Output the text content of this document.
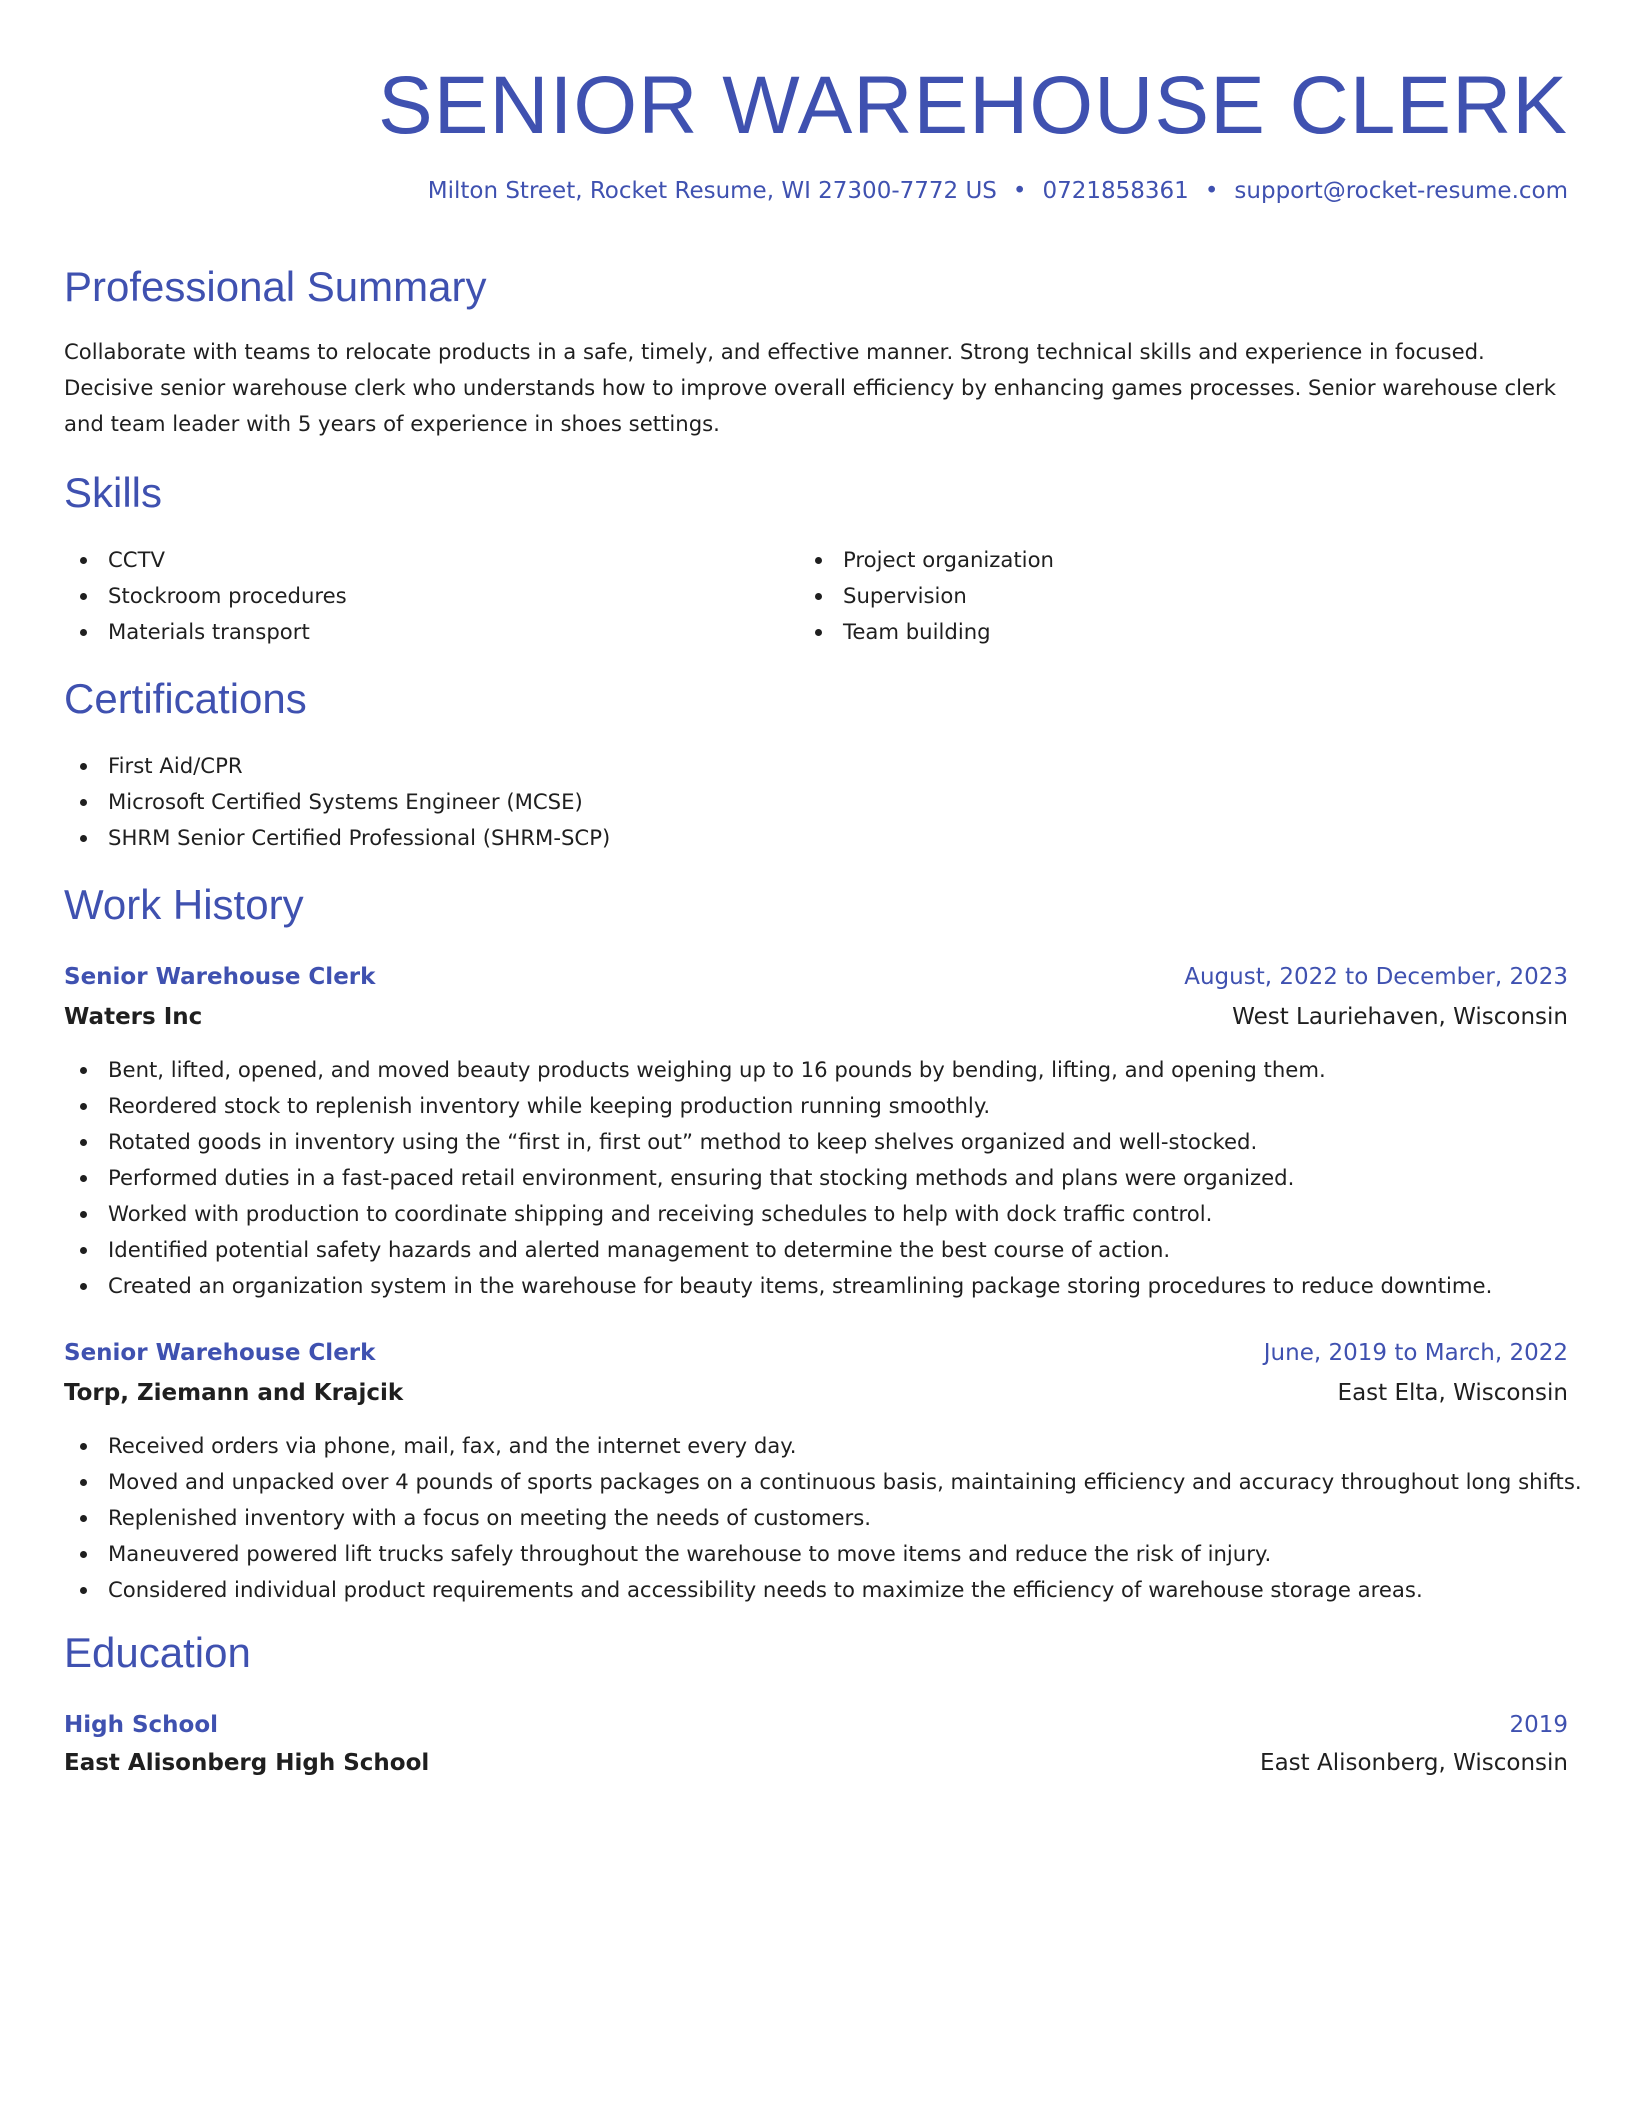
SENIOR WAREHOUSE CLERK
Milton Street, Rocket Resume, WI 27300-7772 US • 0721858361 • support@rocket-resume.com
Professional Summary

Collaborate with teams to relocate products in a safe, timely, and effective manner. Strong technical skills and experience in focused. Decisive senior warehouse clerk who understands how to improve overall efficiency by enhancing games processes. Senior warehouse clerk and team leader with 5 years of experience in shoes settings.

Skills
CCTV
Stockroom procedures
Materials transport
Project organization
Supervision
Team building
Certifications
First Aid/CPR
Microsoft Certified Systems Engineer (MCSE)
SHRM Senior Certified Professional (SHRM-SCP)
Work History
Senior Warehouse Clerk	August, 2022 to December, 2023
Waters Inc	West Lauriehaven, Wisconsin
Bent, lifted, opened, and moved beauty products weighing up to 16 pounds by bending, lifting, and opening them.
Reordered stock to replenish inventory while keeping production running smoothly.
Rotated goods in inventory using the “first in, first out” method to keep shelves organized and well-stocked.
Performed duties in a fast-paced retail environment, ensuring that stocking methods and plans were organized.
Worked with production to coordinate shipping and receiving schedules to help with dock traffic control.
Identified potential safety hazards and alerted management to determine the best course of action.
Created an organization system in the warehouse for beauty items, streamlining package storing procedures to reduce downtime.
Senior Warehouse Clerk	June, 2019 to March, 2022
Torp, Ziemann and Krajcik	East Elta, Wisconsin
Received orders via phone, mail, fax, and the internet every day.
Moved and unpacked over 4 pounds of sports packages on a continuous basis, maintaining efficiency and accuracy throughout long shifts.
Replenished inventory with a focus on meeting the needs of customers.
Maneuvered powered lift trucks safely throughout the warehouse to move items and reduce the risk of injury.
Considered individual product requirements and accessibility needs to maximize the efficiency of warehouse storage areas.
Education
High School	2019
East Alisonberg High School	East Alisonberg, Wisconsin
